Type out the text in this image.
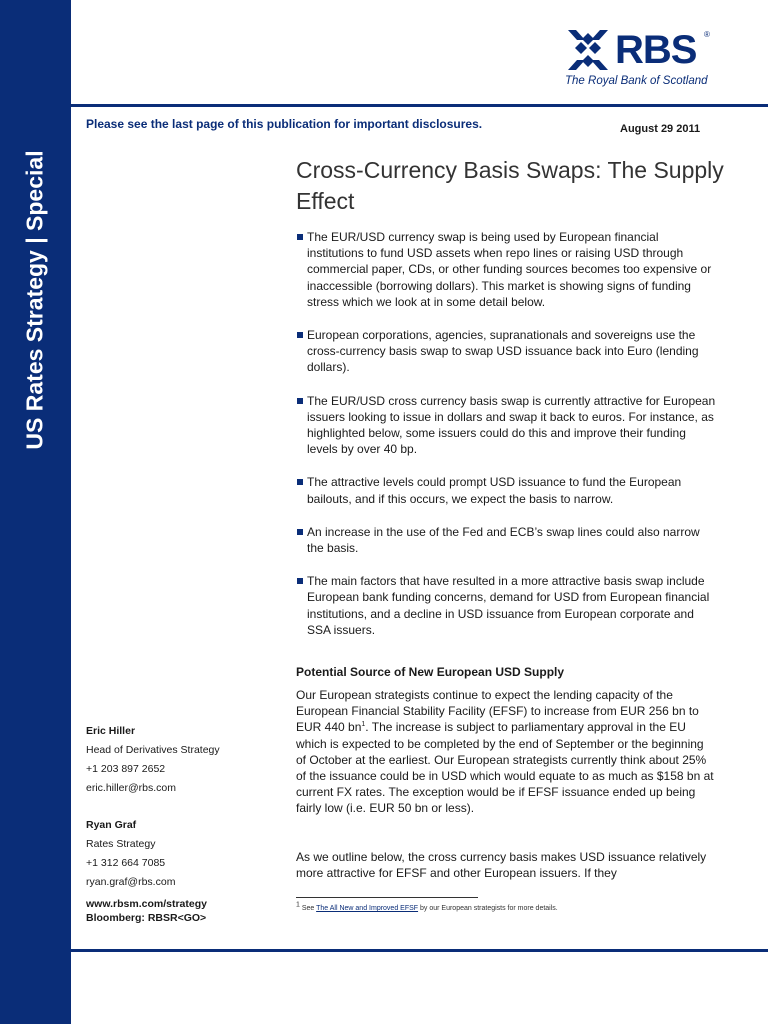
US Rates Strategy | Special
RBS ®
The Royal Bank of Scotland
Please see the last page of this publication for important disclosures.	August 29 2011
Cross-Currency Basis Swaps: The Supply Effect
The EUR/USD currency swap is being used by European financial institutions to fund USD assets when repo lines or raising USD through commercial paper, CDs, or other funding sources becomes too expensive or inaccessible (borrowing dollars). This market is showing signs of funding stress which we look at in some detail below.
European corporations, agencies, supranationals and sovereigns use the cross-currency basis swap to swap USD issuance back into Euro (lending dollars).
The EUR/USD cross currency basis swap is currently attractive for European issuers looking to issue in dollars and swap it back to euros. For instance, as highlighted below, some issuers could do this and improve their funding levels by over 40 bp.
The attractive levels could prompt USD issuance to fund the European bailouts, and if this occurs, we expect the basis to narrow.
An increase in the use of the Fed and ECB’s swap lines could also narrow the basis.
The main factors that have resulted in a more attractive basis swap include European bank funding concerns, demand for USD from European financial institutions, and a decline in USD issuance from European corporate and SSA issuers.
Potential Source of New European USD Supply

Our European strategists continue to expect the lending capacity of the European Financial Stability Facility (EFSF) to increase from EUR 256 bn to EUR 440 $bn^1$. The increase is subject to parliamentary approval in the EU which is expected to be completed by the end of September or the beginning of October at the earliest. Our European strategists currently think about 25% of the issuance could be in USD which would equate to as much as $158 bn at current FX rates. The exception would be if EFSF issuance ended up being fairly low (i.e. EUR 50 bn or less).

As we outline below, the cross currency basis makes USD issuance relatively more attractive for EFSF and other European issuers. If they

$^1$ See The All New and Improved EFSF by our European strategists for more details.
Eric Hiller
Head of Derivatives Strategy
+1 203 897 2652
eric.hiller@rbs.com
Ryan Graf
Rates Strategy
+1 312 664 7085
ryan.graf@rbs.com
www.rbsm.com/strategy
Bloomberg: RBSR<GO>
